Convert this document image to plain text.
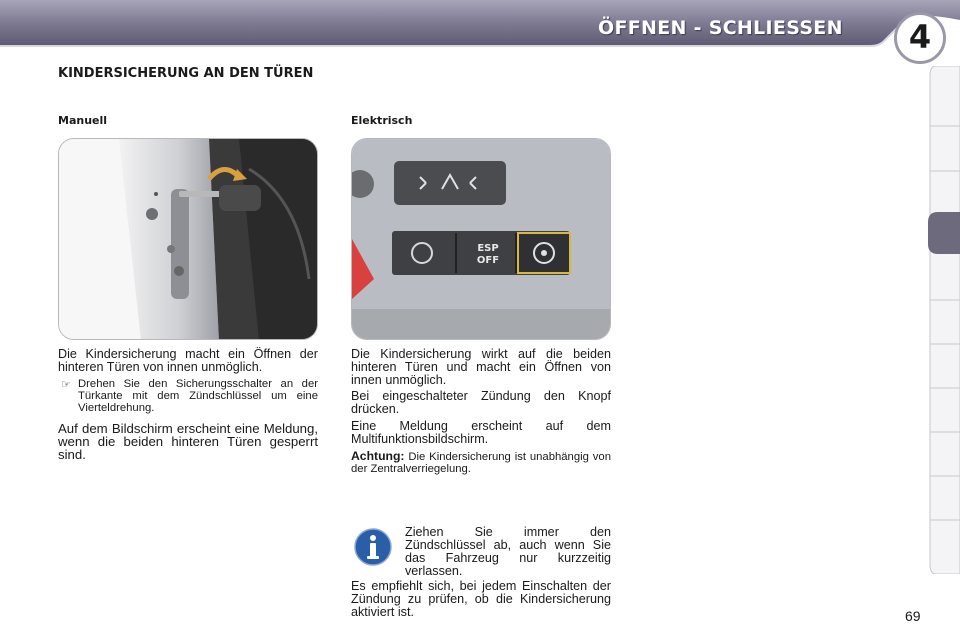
ÖFFNEN - SCHLIESSEN	4
KINDERSICHERUNG AN DEN TÜREN
Manuell	Elektrisch
ESP
OFF
Die Kindersicherung macht ein Öffnen der hinteren Türen von innen unmöglich.
☞ Drehen Sie den Sicherungsschalter an der Türkante mit dem Zündschlüssel um eine Vierteldrehung.
Auf dem Bildschirm erscheint eine Meldung, wenn die beiden hinteren Türen gesperrt sind.
Die Kindersicherung wirkt auf die beiden hinteren Türen und macht ein Öffnen von innen unmöglich.
Bei eingeschalteter Zündung den Knopf drücken.
Eine Meldung erscheint auf dem Multifunktionsbildschirm.
Achtung: Die Kindersicherung ist unabhängig von der Zentralverriegelung.
Ziehen Sie immer den Zündschlüssel ab, auch wenn Sie das Fahrzeug nur kurzzeitig verlassen.
Es empfiehlt sich, bei jedem Einschalten der Zündung zu prüfen, ob die Kindersicherung aktiviert ist.	69
